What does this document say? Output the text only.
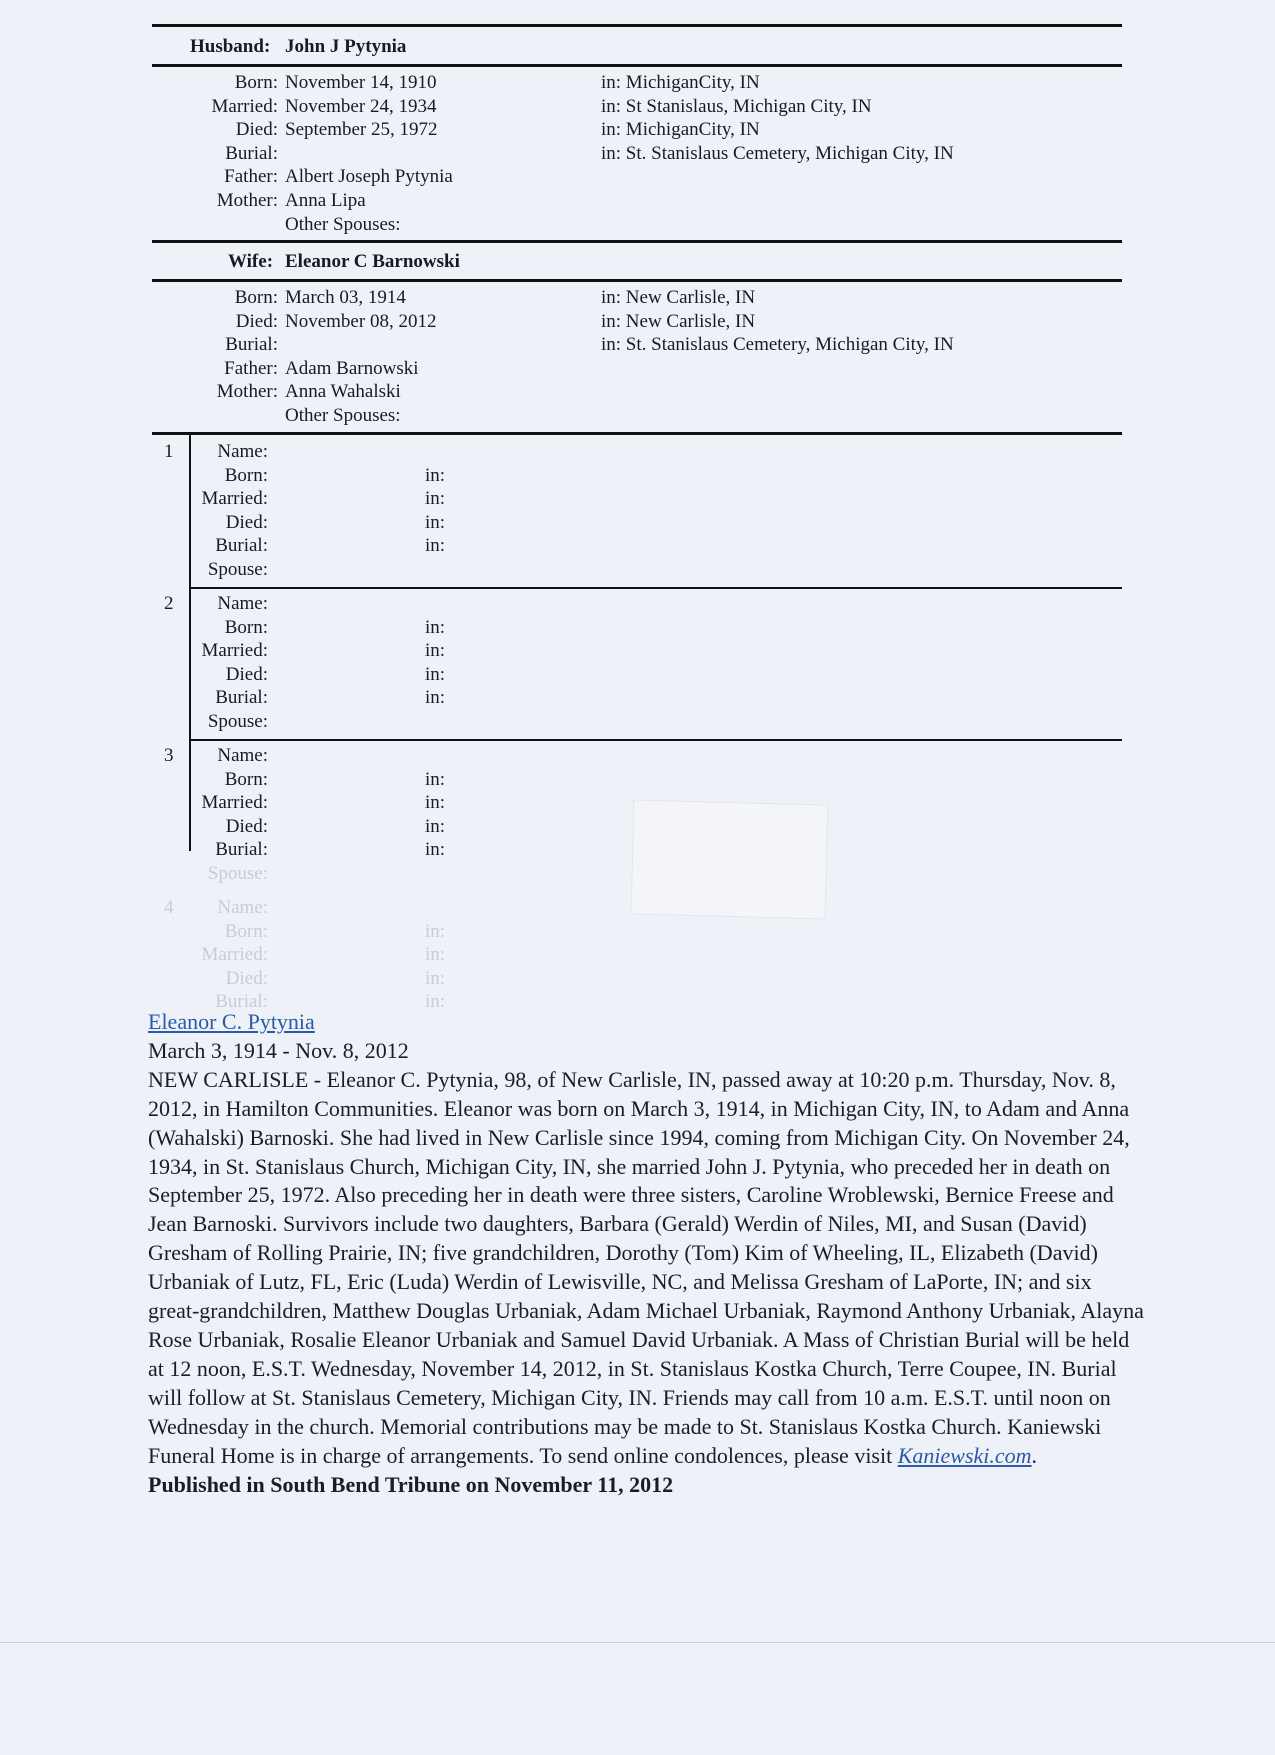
Husband: John J Pytynia
Born: November 14, 1910	in: MichiganCity, IN
Married: November 24, 1934	in: St Stanislaus, Michigan City, IN
Died: September 25, 1972	in: MichiganCity, IN
Burial:	in: St. Stanislaus Cemetery, Michigan City, IN
Father: Albert Joseph Pytynia
Mother: Anna Lipa
Other Spouses:
Wife: Eleanor C Barnowski
Born: March 03, 1914	in: New Carlisle, IN
Died: November 08, 2012	in: New Carlisle, IN
Burial:	in: St. Stanislaus Cemetery, Michigan City, IN
Father: Adam Barnowski
Mother: Anna Wahalski
Other Spouses:
1	Name:
Born:	in:
Married:	in:
Died:	in:
Burial:	in:
Spouse:
2	Name:
Born:	in:
Married:	in:
Died:	in:
Burial:	in:
Spouse:
3	Name:
Born:	in:
Married:	in:
Died:	in:
Burial:	in:
Spouse:
4	Name:
Born:	in:
Married:	in:
Died:	in:
Burial:	in:

Eleanor C. Pytynia

March 3, 1914 - Nov. 8, 2012

NEW CARLISLE - Eleanor C. Pytynia, 98, of New Carlisle, IN, passed away at 10:20 p.m. Thursday, Nov. 8, 2012, in Hamilton Communities. Eleanor was born on March 3, 1914, in Michigan City, IN, to Adam and Anna (Wahalski) Barnoski. She had lived in New Carlisle since 1994, coming from Michigan City. On November 24, 1934, in St. Stanislaus Church, Michigan City, IN, she married John J. Pytynia, who preceded her in death on September 25, 1972. Also preceding her in death were three sisters, Caroline Wroblewski, Bernice Freese and Jean Barnoski. Survivors include two daughters, Barbara (Gerald) Werdin of Niles, MI, and Susan (David) Gresham of Rolling Prairie, IN; five grandchildren, Dorothy (Tom) Kim of Wheeling, IL, Elizabeth (David) Urbaniak of Lutz, FL, Eric (Luda) Werdin of Lewisville, NC, and Melissa Gresham of LaPorte, IN; and six great-grandchildren, Matthew Douglas Urbaniak, Adam Michael Urbaniak, Raymond Anthony Urbaniak, Alayna Rose Urbaniak, Rosalie Eleanor Urbaniak and Samuel David Urbaniak. A Mass of Christian Burial will be held at 12 noon, E.S.T. Wednesday, November 14, 2012, in St. Stanislaus Kostka Church, Terre Coupee, IN. Burial will follow at St. Stanislaus Cemetery, Michigan City, IN. Friends may call from 10 a.m. E.S.T. until noon on Wednesday in the church. Memorial contributions may be made to St. Stanislaus Kostka Church. Kaniewski Funeral Home is in charge of arrangements. To send online condolences, please visit Kaniewski.com.

Published in South Bend Tribune on November 11, 2012
